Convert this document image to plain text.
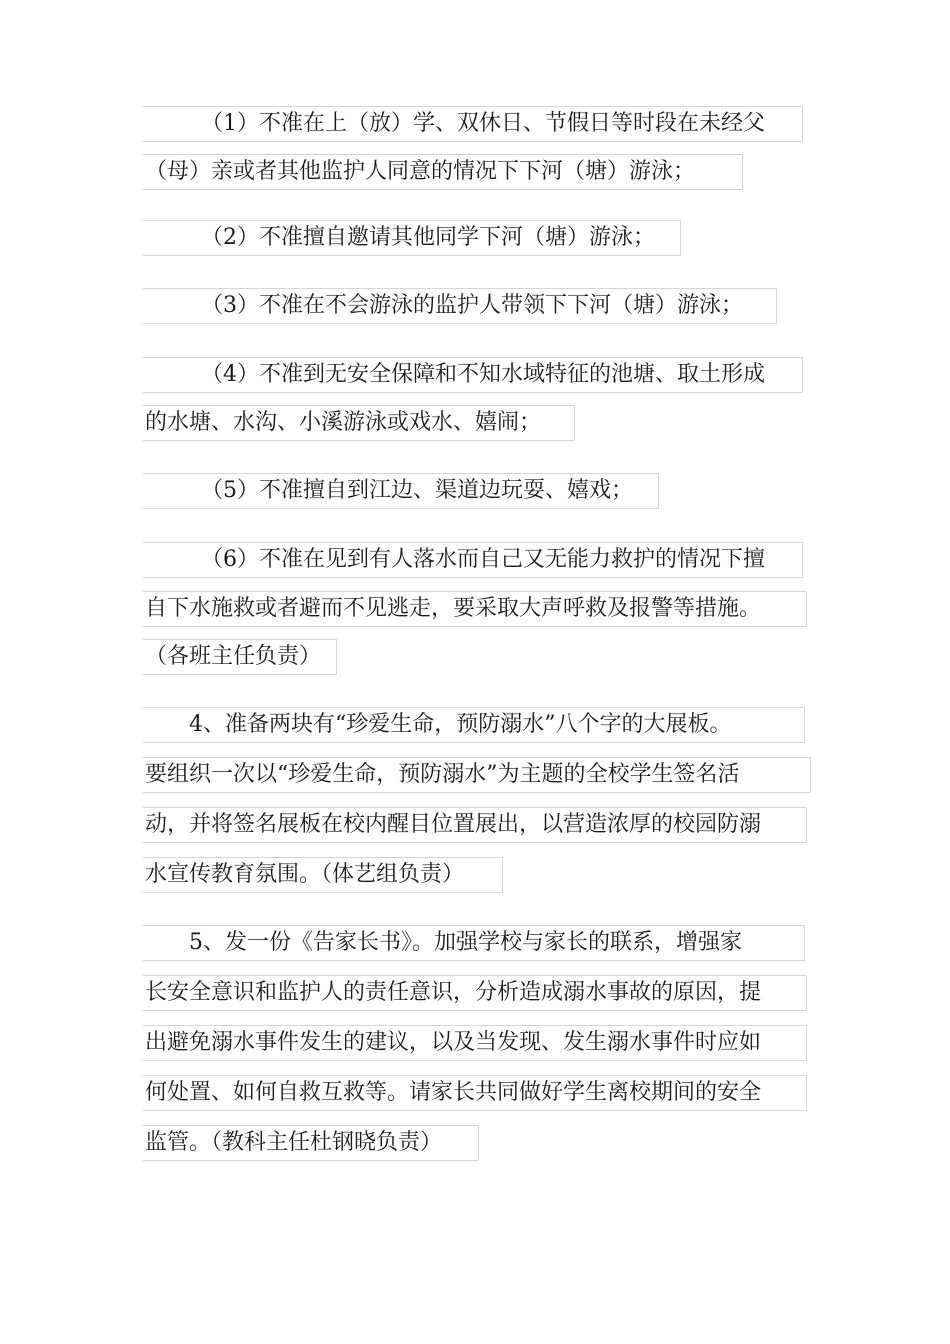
（1）不准在上（放）学、双休日、节假日等时段在未经父
（母）亲或者其他监护人同意的情况下下河（塘）游泳；
（2）不准擅自邀请其他同学下河（塘）游泳；
（3）不准在不会游泳的监护人带领下下河（塘）游泳；
（4）不准到无安全保障和不知水域特征的池塘、取土形成
的水塘、水沟、小溪游泳或戏水、嬉闹；
（5）不准擅自到江边、渠道边玩耍、嬉戏；
（6）不准在见到有人落水而自己又无能力救护的情况下擅
自下水施救或者避而不见逃走，要采取大声呼救及报警等措施。
（各班主任负责）
4、准备两块有“珍爱生命，预防溺水”八个字的大展板。
要组织一次以“珍爱生命，预防溺水”为主题的全校学生签名活
动，并将签名展板在校内醒目位置展出，以营造浓厚的校园防溺
水宣传教育氛围。（体艺组负责）
5、发一份《告家长书》。加强学校与家长的联系，增强家
长安全意识和监护人的责任意识，分析造成溺水事故的原因，提
出避免溺水事件发生的建议，以及当发现、发生溺水事件时应如
何处置、如何自救互救等。请家长共同做好学生离校期间的安全
监管。（教科主任杜钢晓负责）
